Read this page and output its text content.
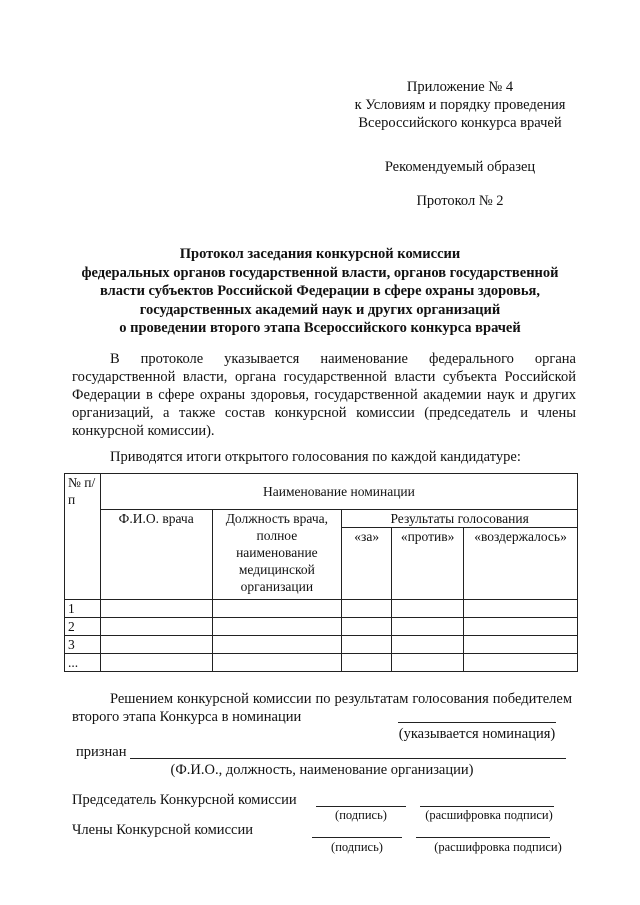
Приложение № 4
к Условиям и порядку проведения
Всероссийского конкурса врачей
Рекомендуемый образец
Протокол № 2
Протокол заседания конкурсной комиссии
федеральных органов государственной власти, органов государственной
власти субъектов Российской Федерации в сфере охраны здоровья,
государственных академий наук и других организаций
о проведении второго этапа Всероссийского конкурса врачей
В протоколе указывается наименование федерального органа государственной власти, органа государственной власти субъекта Российской Федерации в сфере охраны здоровья, государственной академии наук и других организаций, а также состав конкурсной комиссии (председатель и члены конкурсной комиссии).
Приводятся итоги открытого голосования по каждой кандидатуре:
№ п/п	Наименование номинации				
	Ф.И.О. врача	Должность врача, полное наименование медицинской организации	Результаты голосования		
			«за»	«против»	«воздержалось»
1					
2					
3					
...					
Решением конкурсной комиссии по результатам голосования победителем второго этапа Конкурса в номинации
(указывается номинация)
признан
(Ф.И.О., должность, наименование организации)
Председатель Конкурсной комиссии
(подпись)	(расшифровка подписи)
Члены Конкурсной комиссии
(подпись)	(расшифровка подписи)
